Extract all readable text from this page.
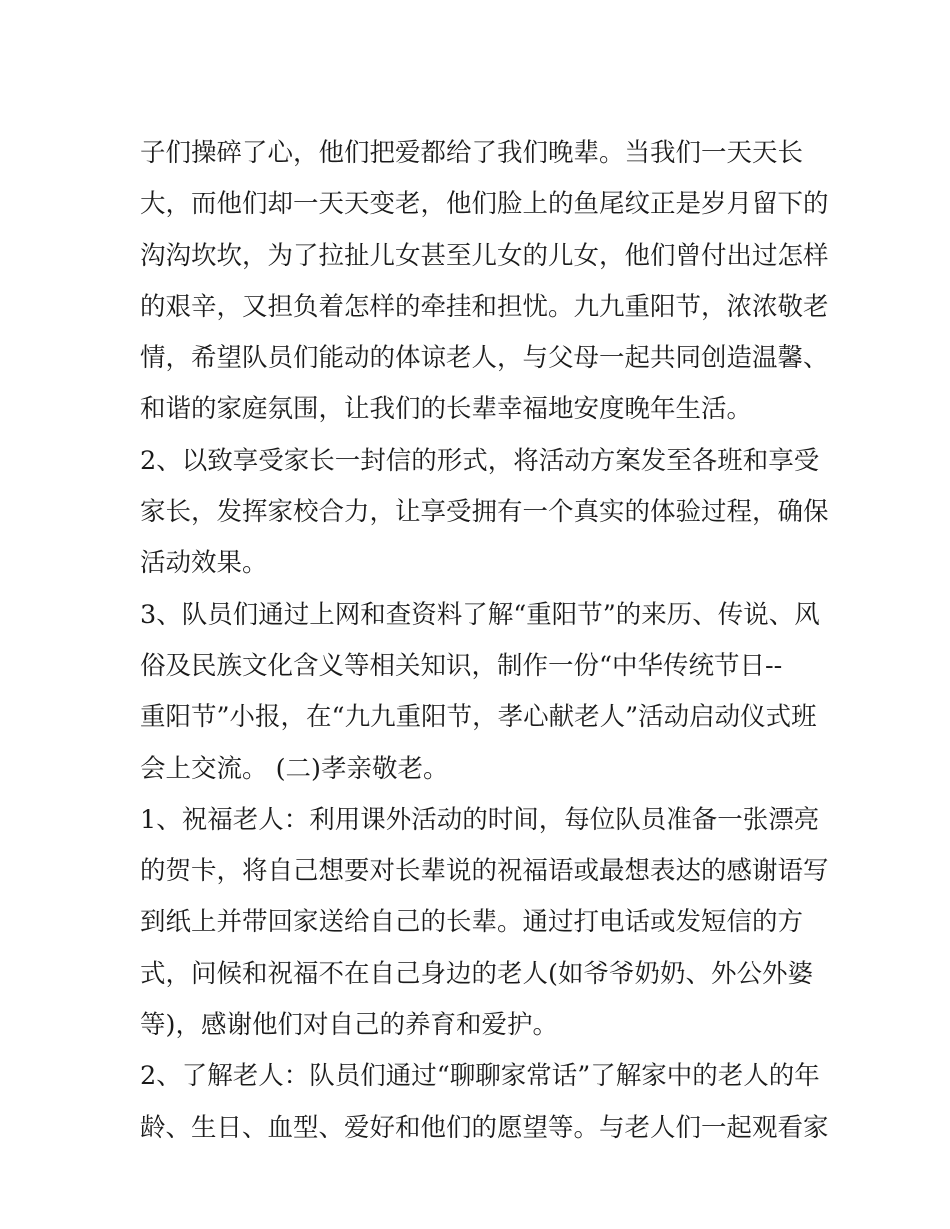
子们操碎了心，他们把爱都给了我们晚辈。当我们一天天长
大，而他们却一天天变老，他们脸上的鱼尾纹正是岁月留下的
沟沟坎坎，为了拉扯儿女甚至儿女的儿女，他们曾付出过怎样
的艰辛，又担负着怎样的牵挂和担忧。九九重阳节，浓浓敬老
情，希望队员们能动的体谅老人，与父母一起共同创造温馨、
和谐的家庭氛围，让我们的长辈幸福地安度晚年生活。
2、以致享受家长一封信的形式，将活动方案发至各班和享受
家长，发挥家校合力，让享受拥有一个真实的体验过程，确保
活动效果。
3、队员们通过上网和查资料了解“重阳节”的来历、传说、风
俗及民族文化含义等相关知识，制作一份“中华传统节日--
重阳节”小报，在“九九重阳节，孝心献老人”活动启动仪式班
会上交流。 (二)孝亲敬老。
1、祝福老人：利用课外活动的时间，每位队员准备一张漂亮
的贺卡，将自己想要对长辈说的祝福语或最想表达的感谢语写
到纸上并带回家送给自己的长辈。通过打电话或发短信的方
式，问候和祝福不在自己身边的老人(如爷爷奶奶、外公外婆
等)，感谢他们对自己的养育和爱护。
2、了解老人：队员们通过“聊聊家常话”了解家中的老人的年
龄、生日、血型、爱好和他们的愿望等。与老人们一起观看家
